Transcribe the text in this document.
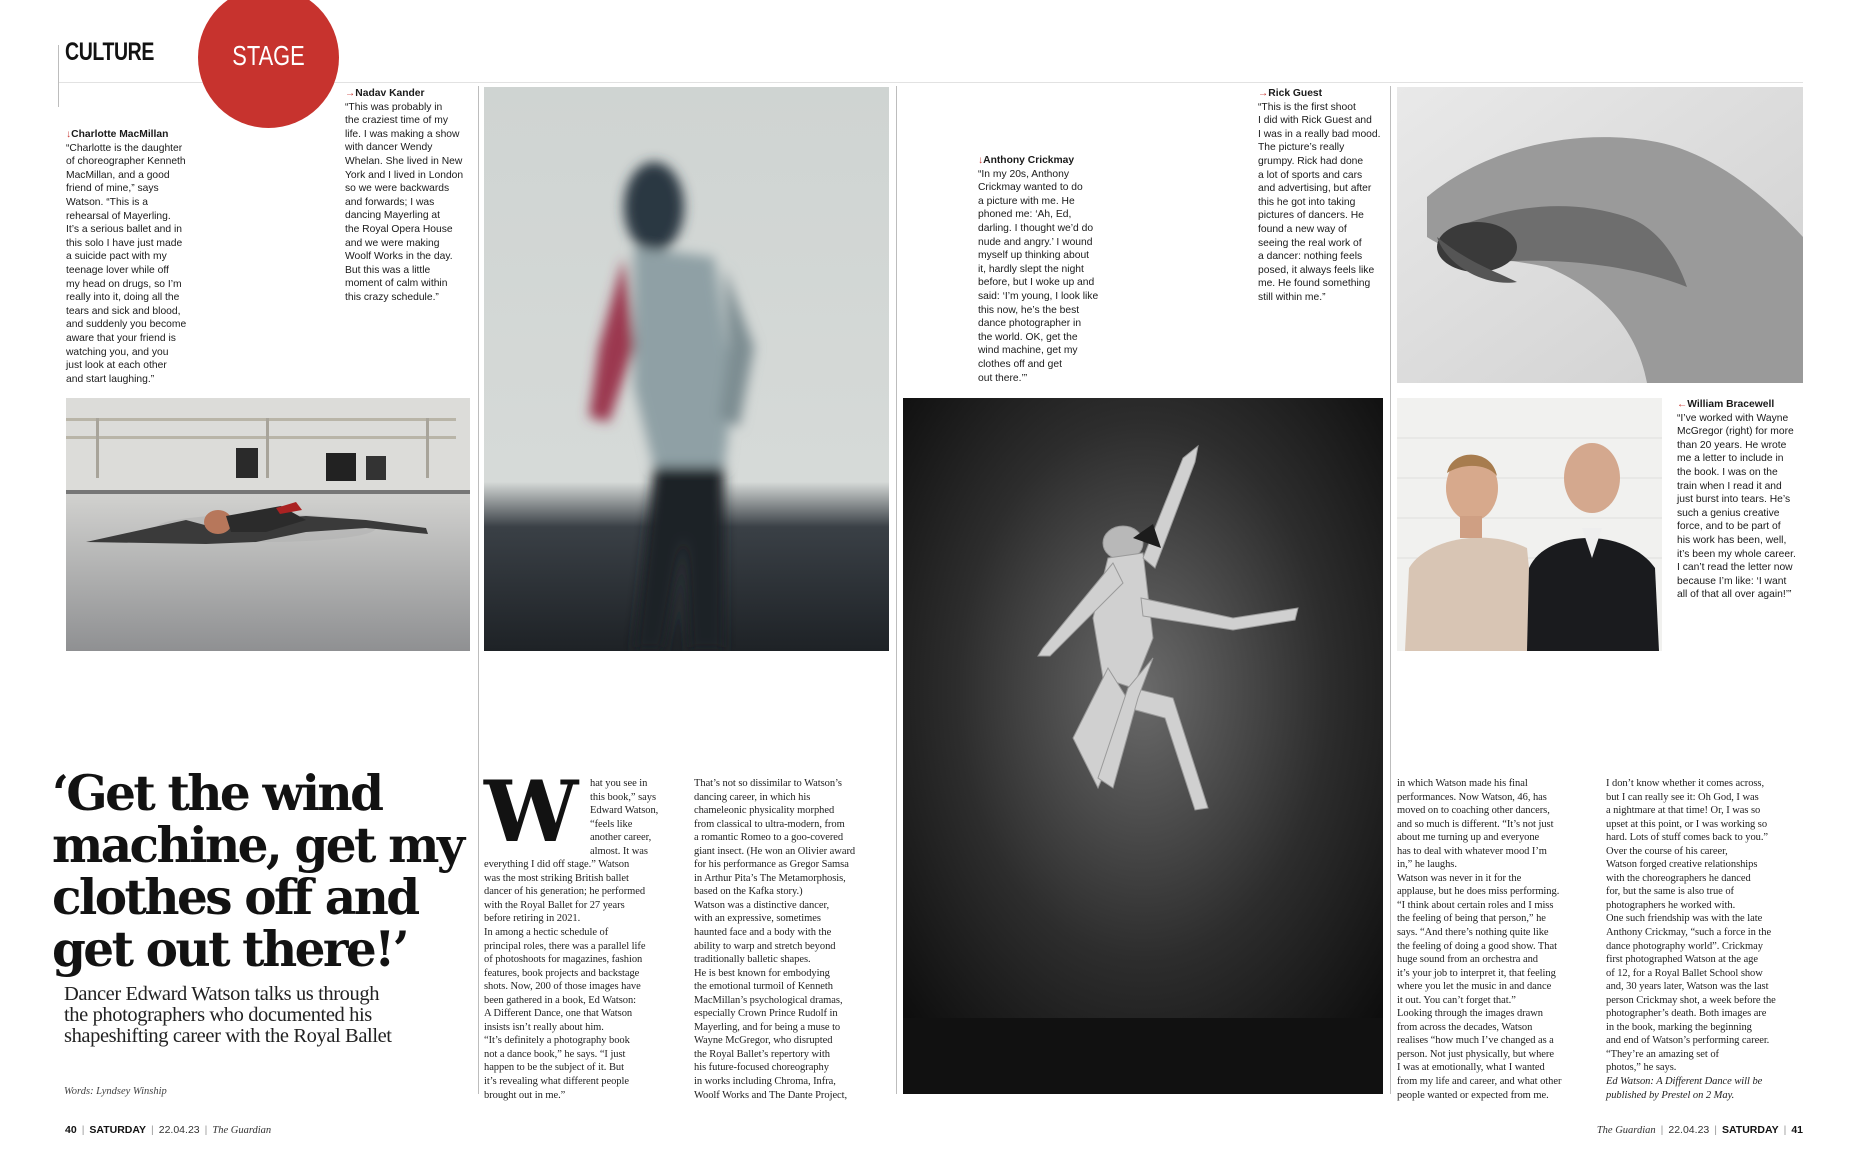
CULTURE	STAGE
↓Charlotte MacMillan
“Charlotte is the daughter
of choreographer Kenneth
MacMillan, and a good
friend of mine,” says
Watson. “This is a
rehearsal of Mayerling.
It’s a serious ballet and in
this solo I have just made
a suicide pact with my
teenage lover while off
my head on drugs, so I’m
really into it, doing all the
tears and sick and blood,
and suddenly you become
aware that your friend is
watching you, and you
just look at each other
and start laughing.”
→Nadav Kander
“This was probably in
the craziest time of my
life. I was making a show
with dancer Wendy
Whelan. She lived in New
York and I lived in London
so we were backwards
and forwards; I was
dancing Mayerling at
the Royal Opera House
and we were making
Woolf Works in the day.
But this was a little
moment of calm within
this crazy schedule.”
↓Anthony Crickmay
“In my 20s, Anthony
Crickmay wanted to do
a picture with me. He
phoned me: ‘Ah, Ed,
darling. I thought we’d do
nude and angry.’ I wound
myself up thinking about
it, hardly slept the night
before, but I woke up and
said: ‘I’m young, I look like
this now, he’s the best
dance photographer in
the world. OK, get the
wind machine, get my
clothes off and get
out there.’”
→Rick Guest
“This is the first shoot
I did with Rick Guest and
I was in a really bad mood.
The picture’s really
grumpy. Rick had done
a lot of sports and cars
and advertising, but after
this he got into taking
pictures of dancers. He
found a new way of
seeing the real work of
a dancer: nothing feels
posed, it always feels like
me. He found something
still within me.”
←William Bracewell
“I’ve worked with Wayne
McGregor (right) for more
than 20 years. He wrote
me a letter to include in
the book. I was on the
train when I read it and
just burst into tears. He’s
such a genius creative
force, and to be part of
his work has been, well,
it’s been my whole career.
I can’t read the letter now
because I’m like: ‘I want
all of that all over again!’”
‘Get the wind
machine, get my
clothes off and
get out there!’
Dancer Edward Watson talks us through
the photographers who documented his
shapeshifting career with the Royal Ballet
Words: Lyndsey Winship
W	hat you see in
this book,” says
Edward Watson,
“feels like
another career,
almost. It was
everything I did off stage.” Watson
was the most striking British ballet
dancer of his generation; he performed
with the Royal Ballet for 27 years
before retiring in 2021.
In among a hectic schedule of
principal roles, there was a parallel life
of photoshoots for magazines, fashion
features, book projects and backstage
shots. Now, 200 of those images have
been gathered in a book, Ed Watson:
A Different Dance, one that Watson
insists isn’t really about him.
“It’s definitely a photography book
not a dance book,” he says. “I just
happen to be the subject of it. But
it’s revealing what different people
brought out in me.”
That’s not so dissimilar to Watson’s
dancing career, in which his
chameleonic physicality morphed
from classical to ultra-modern, from
a romantic Romeo to a goo-covered
giant insect. (He won an Olivier award
for his performance as Gregor Samsa
in Arthur Pita’s The Metamorphosis,
based on the Kafka story.)
Watson was a distinctive dancer,
with an expressive, sometimes
haunted face and a body with the
ability to warp and stretch beyond
traditionally balletic shapes.
He is best known for embodying
the emotional turmoil of Kenneth
MacMillan’s psychological dramas,
especially Crown Prince Rudolf in
Mayerling, and for being a muse to
Wayne McGregor, who disrupted
the Royal Ballet’s repertory with
his future-focused choreography
in works including Chroma, Infra,
Woolf Works and The Dante Project,
in which Watson made his final
performances. Now Watson, 46, has
moved on to coaching other dancers,
and so much is different. “It’s not just
about me turning up and everyone
has to deal with whatever mood I’m
in,” he laughs.
Watson was never in it for the
applause, but he does miss performing.
“I think about certain roles and I miss
the feeling of being that person,” he
says. “And there’s nothing quite like
the feeling of doing a good show. That
huge sound from an orchestra and
it’s your job to interpret it, that feeling
where you let the music in and dance
it out. You can’t forget that.”
Looking through the images drawn
from across the decades, Watson
realises “how much I’ve changed as a
person. Not just physically, but where
I was at emotionally, what I wanted
from my life and career, and what other
people wanted or expected from me.
I don’t know whether it comes across,
but I can really see it: Oh God, I was
a nightmare at that time! Or, I was so
upset at this point, or I was working so
hard. Lots of stuff comes back to you.”
Over the course of his career,
Watson forged creative relationships
with the choreographers he danced
for, but the same is also true of
photographers he worked with.
One such friendship was with the late
Anthony Crickmay, “such a force in the
dance photography world”. Crickmay
first photographed Watson at the age
of 12, for a Royal Ballet School show
and, 30 years later, Watson was the last
person Crickmay shot, a week before the
photographer’s death. Both images are
in the book, marking the beginning
and end of Watson’s performing career.
“They’re an amazing set of
photos,” he says.
Ed Watson: A Different Dance will be
published by Prestel on 2 May.
40 | SATURDAY | 22.04.23 | The Guardian	The Guardian | 22.04.23 | SATURDAY | 41
